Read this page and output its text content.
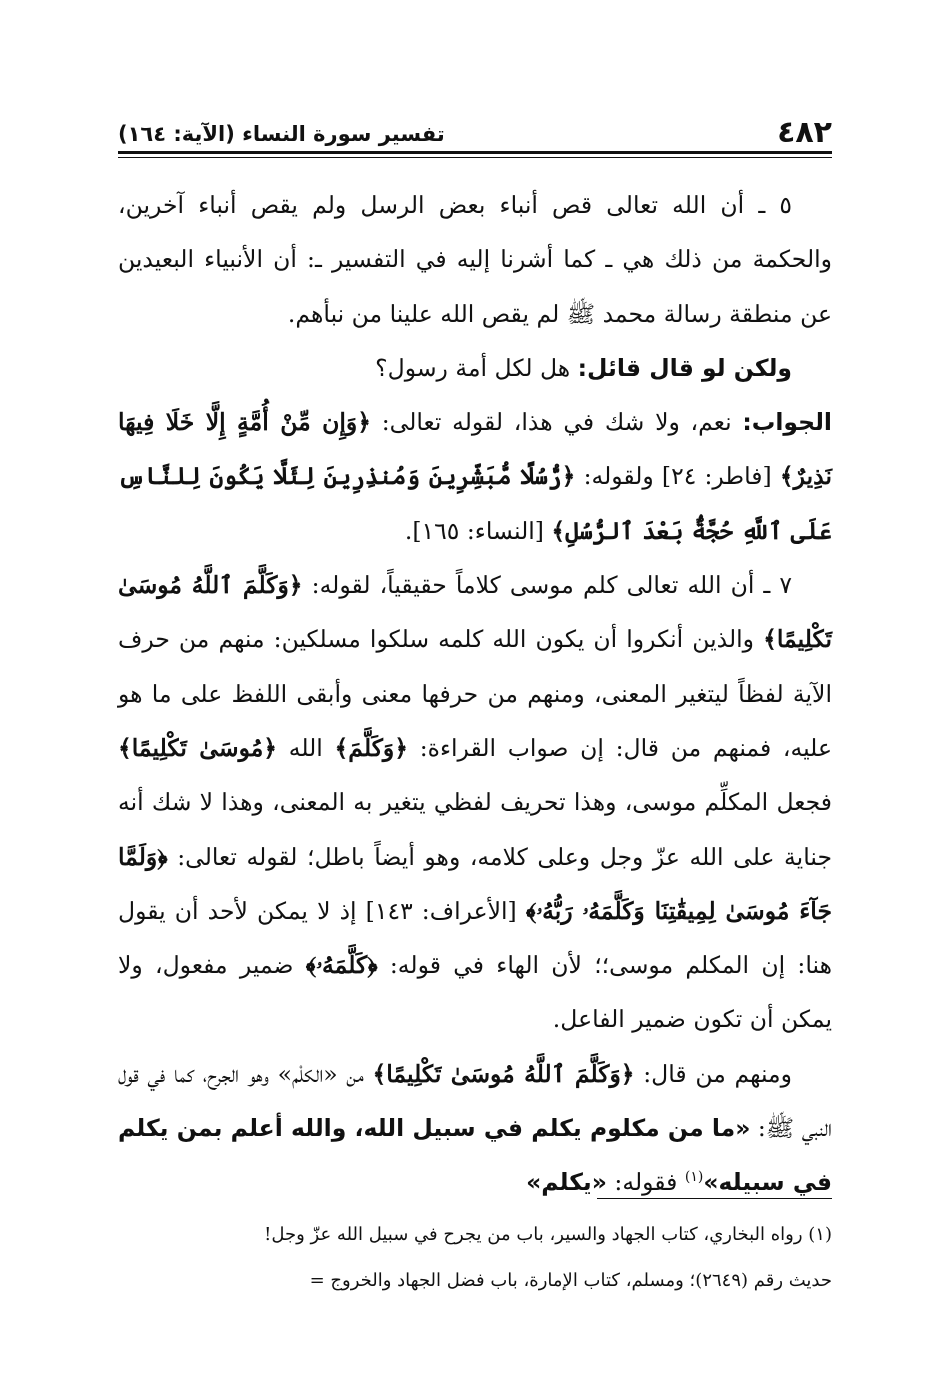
٤٨٢
تفسير سورة النساء (الآية: ١٦٤)

٥ ـ أن الله تعالى قص أنباء بعض الرسل ولم يقص أنباء آخرين، والحكمة من ذلك هي ـ كما أشرنا إليه في التفسير ـ: أن الأنبياء البعيدين عن منطقة رسالة محمد ﷺ لم يقص الله علينا من نبأهم.

ولكن لو قال قائل: هل لكل أمة رسول؟

الجواب: نعم، ولا شك في هذا، لقوله تعالى: ﴿وَإِن مِّنْ أُمَّةٍ إِلَّا خَلَا فِيهَا نَذِيرٌ﴾ [فاطر: ٢٤] ولقوله: ﴿رُّسُلًا مُّبَشِّرِينَ وَمُنذِرِينَ لِئَلَّا يَكُونَ لِلنَّاسِ عَلَى ٱللَّهِ حُجَّةٌۢ بَعْدَ ٱلرُّسُلِ﴾ [النساء: ١٦٥].

٧ ـ أن الله تعالى كلم موسى كلاماً حقيقياً، لقوله: ﴿وَكَلَّمَ ٱللَّهُ مُوسَىٰ تَكْلِيمًا﴾ والذين أنكروا أن يكون الله كلمه سلكوا مسلكين: منهم من حرف الآية لفظاً ليتغير المعنى، ومنهم من حرفها معنى وأبقى اللفظ على ما هو عليه، فمنهم من قال: إن صواب القراءة: ﴿وَكَلَّمَ﴾ الله ﴿مُوسَىٰ تَكْلِيمًا﴾ فجعل المكلِّم موسى، وهذا تحريف لفظي يتغير به المعنى، وهذا لا شك أنه جناية على الله عزّ وجل وعلى كلامه، وهو أيضاً باطل؛ لقوله تعالى: ﴿وَلَمَّا جَآءَ مُوسَىٰ لِمِيقَٰتِنَا وَكَلَّمَهُۥ رَبُّهُۥ﴾ [الأعراف: ١٤٣] إذ لا يمكن لأحد أن يقول هنا: إن المكلم موسى؛؛ لأن الهاء في قوله: ﴿كَلَّمَهُۥ﴾ ضمير مفعول، ولا يمكن أن تكون ضمير الفاعل.

ومنهم من قال: ﴿وَكَلَّمَ ٱللَّهُ مُوسَىٰ تَكْلِيمًا﴾ من «الكلْم» وهو الجرح، كما في قول النبي ﷺ: «ما من مكلوم يكلم في سبيل الله، والله أعلم بمن يكلم في سبيله»$^{(١)}$ فقوله: «يكلم»

(١) رواه البخاري، كتاب الجهاد والسير، باب من يجرح في سبيل الله عزّ وجل!

حديث رقم (٢٦٤٩)؛ ومسلم، كتاب الإمارة، باب فضل الجهاد والخروج =
